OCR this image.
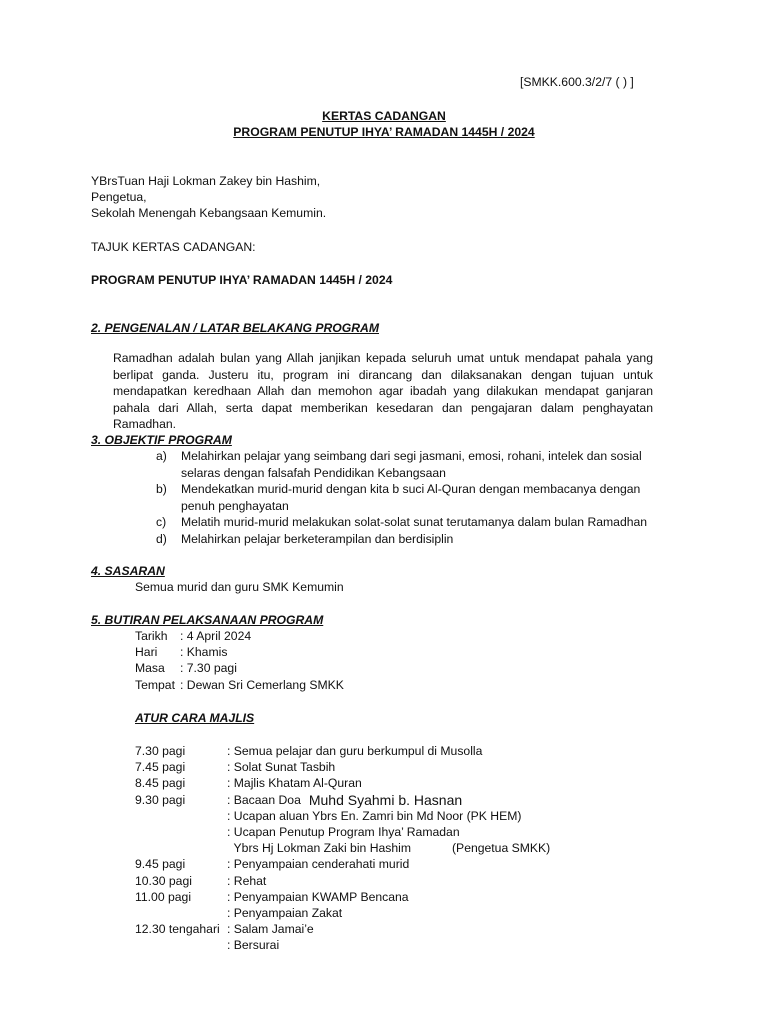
[SMKK.600.3/2/7 ( ) ]
KERTAS CADANGAN
PROGRAM PENUTUP IHYA’ RAMADAN 1445H / 2024
YBrsTuan Haji Lokman Zakey bin Hashim,
Pengetua,
Sekolah Menengah Kebangsaan Kemumin.
TAJUK KERTAS CADANGAN:
PROGRAM PENUTUP IHYA’ RAMADAN 1445H / 2024
2. PENGENALAN / LATAR BELAKANG PROGRAM
Ramadhan adalah bulan yang Allah janjikan kepada seluruh umat untuk mendapat pahala yang berlipat ganda. Justeru itu, program ini dirancang dan dilaksanakan dengan tujuan untuk mendapatkan keredhaan Allah dan memohon agar ibadah yang dilakukan mendapat ganjaran pahala dari Allah, serta dapat memberikan kesedaran dan pengajaran dalam penghayatan Ramadhan.
3. OBJEKTIF PROGRAM
a) Melahirkan pelajar yang seimbang dari segi jasmani, emosi, rohani, intelek dan sosial selaras dengan falsafah Pendidikan Kebangsaan
b) Mendekatkan murid-murid dengan kita b suci Al-Quran dengan membacanya dengan penuh penghayatan
c) Melatih murid-murid melakukan solat-solat sunat terutamanya dalam bulan Ramadhan
d) Melahirkan pelajar berketerampilan dan berdisiplin
4. SASARAN
Semua murid dan guru SMK Kemumin
5. BUTIRAN PELAKSANAAN PROGRAM
Tarikh	: 4 April 2024
Hari	: Khamis
Masa	: 7.30 pagi
Tempat : Dewan Sri Cemerlang SMKK
ATUR CARA MAJLIS
7.30 pagi	: Semua pelajar dan guru berkumpul di Musolla
7.45 pagi	: Solat Sunat Tasbih
8.45 pagi	: Majlis Khatam Al-Quran
9.30 pagi	: Bacaan Doa Muhd Syahmi b. Hasnan
: Ucapan aluan Ybrs En. Zamri bin Md Noor (PK HEM)
: Ucapan Penutup Program Ihya’ Ramadan
Ybrs Hj Lokman Zaki bin Hashim	(Pengetua SMKK)
9.45 pagi	: Penyampaian cenderahati murid
10.30 pagi	: Rehat
11.00 pagi	: Penyampaian KWAMP Bencana
: Penyampaian Zakat
12.30 tengahari : Salam Jamai’e
: Bersurai
